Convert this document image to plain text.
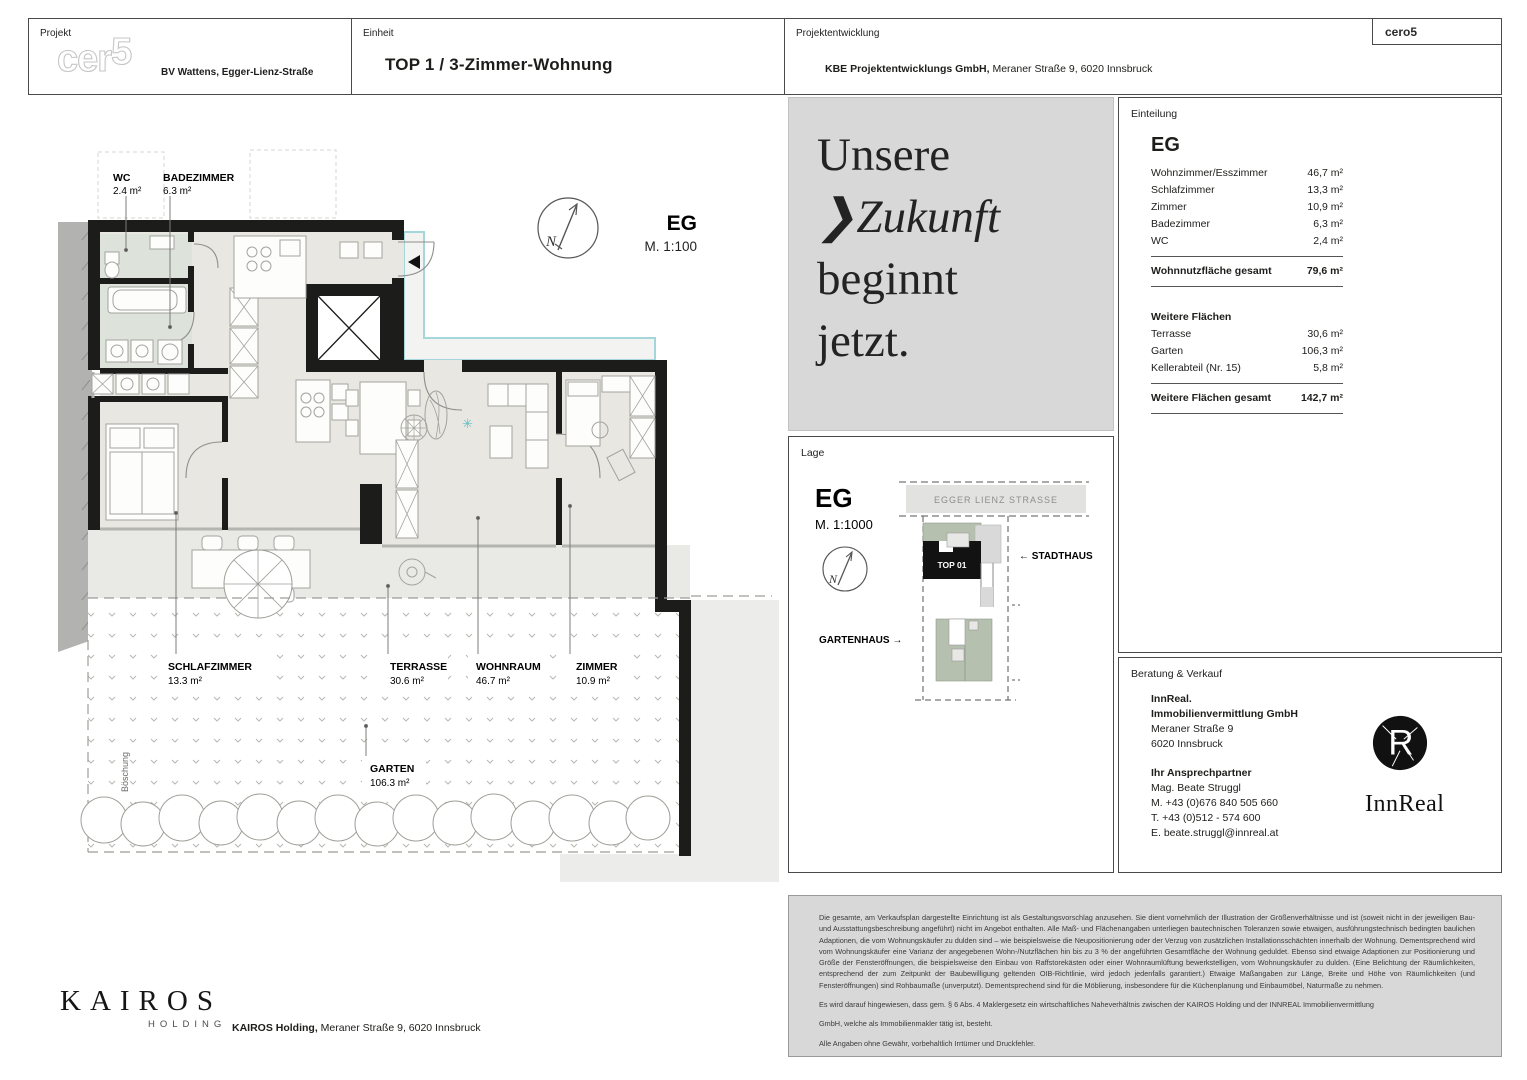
Projekt
cer5	BV Wattens, Egger-Lienz-Straße
Einheit
TOP 1 / 3-Zimmer-Wohnung
Projektentwicklung
KBE Projektentwicklungs GmbH, Meraner Straße 9, 6020 Innsbruck
cero5
✳
WC
2.4 m²
BADEZIMMER
6.3 m²
SCHLAFZIMMER
13.3 m²
TERRASSE
30.6 m²
WOHNRAUM
46.7 m²
ZIMMER
10.9 m²
GARTEN
106.3 m²
Böschung
N
EG
M. 1:100
Unsere
❯Zukunft
beginnt
jetzt.
Lage
EG
M. 1:1000
EGGER LIENZ STRASSE
TOP 01
← STADTHAUS
GARTENHAUS →
N
Einteilung
EG
Wohnzimmer/Esszimmer	46,7 m²
Schlafzimmer	13,3 m²
Zimmer	10,9 m²
Badezimmer	6,3 m²
WC	2,4 m²
Wohnnutzfläche gesamt	79,6 m²
Weitere Flächen
Terrasse	30,6 m²
Garten	106,3 m²
Kellerabteil (Nr. 15)	5,8 m²
Weitere Flächen gesamt	142,7 m²
Beratung & Verkauf
InnReal.
Immobilienvermittlung GmbH
Meraner Straße 9
6020 Innsbruck
Ihr Ansprechpartner
Mag. Beate Struggl
M. +43 (0)676 840 505 660
T. +43 (0)512 - 574 600
E. beate.struggl@innreal.at
R
InnReal

Die gesamte, am Verkaufsplan dargestellte Einrichtung ist als Gestaltungsvorschlag anzusehen. Sie dient vornehmlich der Illustration der Größenverhältnisse und ist (soweit nicht in der jeweiligen Bau- und Ausstattungsbeschreibung angeführt) nicht im Angebot enthalten. Alle Maß- und Flächenangaben unterliegen bautechnischen Toleranzen sowie etwaigen, ausführungstechnisch bedingten baulichen Adaptionen, die vom Wohnungskäufer zu dulden sind – wie beispielsweise die Neupositionierung oder der Verzug von zusätzlichen Installationsschächten innerhalb der Wohnung. Dementsprechend wird vom Wohnungskäufer eine Varianz der angegebenen Wohn-/Nutzflächen hin bis zu 3 % der angeführten Gesamtfläche der Wohnung geduldet. Ebenso sind etwaige Adaptionen zur Positionierung und Größe der Fensteröffnungen, die beispielsweise den Einbau von Raffstorekästen oder einer Wohnraumlüftung bewerkstelligen, vom Wohnungskäufer zu dulden. (Eine Belichtung der Räumlichkeiten, entsprechend der zum Zeitpunkt der Baubewilligung geltenden OIB-Richtlinie, wird jedoch jedenfalls garantiert.) Etwaige Maßangaben zur Länge, Breite und Höhe von Räumlichkeiten (und Fensteröffnungen) sind Rohbaumaße (unverputzt). Dementsprechend sind für die Möblierung, insbesondere für die Küchenplanung und Einbaumöbel, Naturmaße zu nehmen.

Es wird darauf hingewiesen, dass gem. § 6 Abs. 4 Maklergesetz ein wirtschaftliches Naheverhältnis zwischen der KAIROS Holding und der INNREAL Immobilienvermittlung

GmbH, welche als Immobilienmakler tätig ist, besteht.

Alle Angaben ohne Gewähr, vorbehaltlich Irrtümer und Druckfehler.

KAIROS
HOLDING KAIROS Holding, Meraner Straße 9, 6020 Innsbruck
